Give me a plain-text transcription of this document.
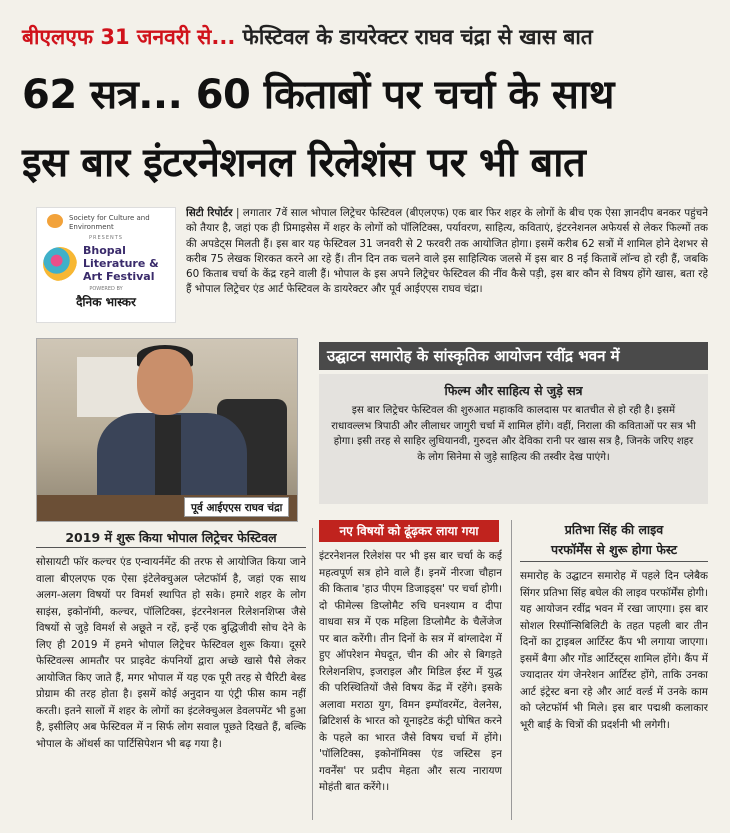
बीएलएफ 31 जनवरी से... फेस्टिवल के डायरेक्टर राघव चंद्रा से खास बात
62 सत्र... 60 किताबों पर चर्चा के साथ
इस बार इंटरनेशनल रिलेशंस पर भी बात
Society for Culture and Environment
PRESENTS
Bhopal
Literature &
Art Festival
POWERED BY
दैनिक भास्कर
सिटी रिपोर्टर | लगातार 7वें साल भोपाल लिट्रेचर फेस्टिवल (बीएलएफ) एक बार फिर शहर के लोगों के बीच एक ऐसा ज्ञानदीप बनकर पहुंचने को तैयार है, जहां एक ही प्रिमाइसेस में शहर के लोगों को पॉलिटिक्स, पर्यावरण, साहित्य, कविताएं, इंटरनेशनल अफेयर्स से लेकर फिल्मों तक की अपडेट्स मिलती हैं। इस बार यह फेस्टिवल 31 जनवरी से 2 फरवरी तक आयोजित होगा। इसमें करीब 62 सत्रों में शामिल होने देशभर से करीब 75 लेखक शिरकत करने आ रहे हैं। तीन दिन तक चलने वाले इस साहित्यिक जलसे में इस बार 8 नई किताबें लॉन्च हो रही हैं, जबकि 60 किताब चर्चा के केंद्र रहने वाली हैं। भोपाल के इस अपने लिट्रेचर फेस्टिवल की नींव कैसे पड़ी, इस बार कौन से विषय होंगे खास, बता रहे हैं भोपाल लिट्रेचर एंड आर्ट फेस्टिवल के डायरेक्टर और पूर्व आईएएस राघव चंद्रा।
पूर्व आईएएस राघव चंद्रा
उद्घाटन समारोह के सांस्कृतिक आयोजन रवींद्र भवन में
फिल्म और साहित्य से जुड़े सत्र
इस बार लिट्रेचर फेस्टिवल की शुरुआत महाकवि कालदास पर बातचीत से हो रही है। इसमें राधावल्लभ त्रिपाठी और लीलाधर जागुरी चर्चा में शामिल होंगे। वहीं, निराला की कविताओं पर सत्र भी होगा। इसी तरह से साहिर लुधियानवी, गुरुदत्त और देविका रानी पर खास सत्र है, जिनके जरिए शहर के लोग सिनेमा से जुड़े साहित्य की तस्वीर देख पाएंगे।
2019 में शुरू किया भोपाल लिट्रेचर फेस्टिवल	नए विषयों को ढूंढ़कर लाया गया	प्रतिभा सिंह की लाइव
परफॉर्मेंस से शुरू होगा फेस्ट
सोसायटी फॉर कल्चर एंड एन्वायर्नमेंट की तरफ से आयोजित किया जाने वाला बीएलएफ एक ऐसा इंटेलेक्चुअल प्लेटफॉर्म है, जहां एक साथ अलग-अलग विषयों पर विमर्श स्थापित हो सके। हमारे शहर के लोग साइंस, इकोनॉमी, कल्चर, पॉलिटिक्स, इंटरनेशनल रिलेशनशिप्स जैसे विषयों से जुड़े विमर्श से अछूते न रहें, इन्हें एक बुद्धिजीवी सोच देने के लिए ही 2019 में हमने भोपाल लिट्रेचर फेस्टिवल शुरू किया। दूसरे फेस्टिवल्स आमतौर पर प्राइवेट कंपनियों द्वारा अच्छे खासे पैसे लेकर आयोजित किए जाते हैं, मगर भोपाल में यह एक पूरी तरह से चैरिटी बेस्ड प्रोग्राम की तरह होता है। इसमें कोई अनुदान या एंट्री फीस काम नहीं करती। इतने सालों में शहर के लोगों का इंटलेक्चुअल डेवलपमेंट भी हुआ है, इसीलिए अब फेस्टिवल में न सिर्फ लोग सवाल पूछते दिखते हैं, बल्कि भोपाल के ऑथर्स का पार्टिसिपेशन भी बढ़ गया है।
इंटरनेशनल रिलेशंस पर भी इस बार चर्चा के कई महत्वपूर्ण सत्र होने वाले हैं। इनमें नीरजा चौहान की किताब 'हाउ पीएम डिजाइड्स' पर चर्चा होगी। दो फीमेल्स डिप्लोमैट रुचि घनश्याम व दीपा वाधवा सत्र में एक महिला डिप्लोमैट के चैलेंजेज पर बात करेंगी। तीन दिनों के सत्र में बांग्लादेश में हुए ऑपरेशन मेघदूत, चीन की ओर से बिगड़ते रिलेशनशिप, इजराइल और मिडिल ईस्ट में युद्ध की परिस्थितियों जैसे विषय केंद्र में रहेंगे। इसके अलावा मराठा युग, विमन इम्पॉवरमेंट, वेलनेस, ब्रिटिशर्स के भारत को यूनाइटेड कंट्री घोषित करने के पहले का भारत जैसे विषय चर्चा में होंगे। 'पॉलिटिक्स, इकोनॉमिक्स एंड जस्टिस इन गवर्नेंस' पर प्रदीप मेहता और सत्य नारायण मोहंती बात करेंगे।।
समारोह के उद्घाटन समारोह में पहले दिन प्लेबैक सिंगर प्रतिभा सिंह बघेल की लाइव परफॉर्मेंस होगी। यह आयोजन रवींद्र भवन में रखा जाएगा। इस बार सोशल रिस्पॉन्सिबिलिटी के तहत पहली बार तीन दिनों का ट्राइबल आर्टिस्ट कैंप भी लगाया जाएगा। इसमें बैगा और गोंड आर्टिस्ट्स शामिल होंगे। कैंप में ज्यादातर यंग जेनरेशन आर्टिस्ट होंगे, ताकि उनका आर्ट इंट्रेस्ट बना रहे और आर्ट वर्ल्ड में उनके काम को प्लेटफॉर्म भी मिले। इस बार पद्मश्री कलाकार भूरी बाई के चित्रों की प्रदर्शनी भी लगेगी।
